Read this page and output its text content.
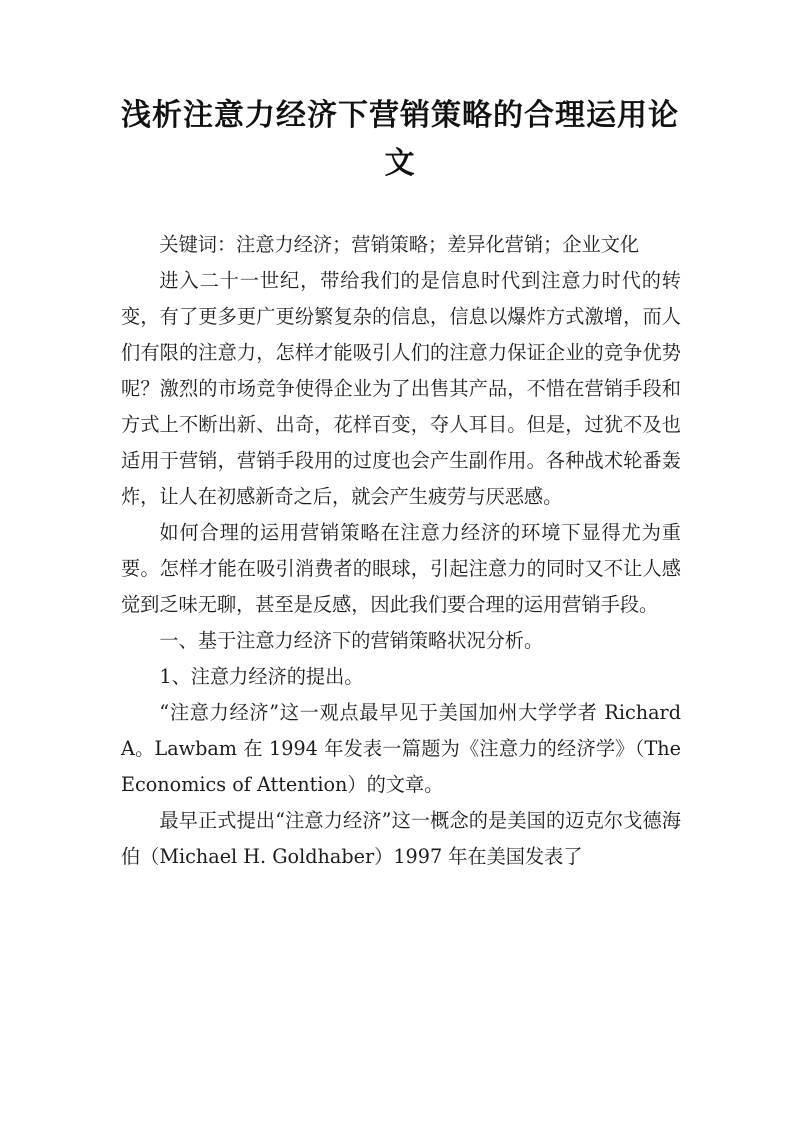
浅析注意力经济下营销策略的合理运用论文

关键词：注意力经济；营销策略；差异化营销；企业文化

进入二十一世纪，带给我们的是信息时代到注意力时代的转变，有了更多更广更纷繁复杂的信息，信息以爆炸方式激增，而人们有限的注意力，怎样才能吸引人们的注意力保证企业的竞争优势呢？激烈的市场竞争使得企业为了出售其产品，不惜在营销手段和方式上不断出新、出奇，花样百变，夺人耳目。但是，过犹不及也适用于营销，营销手段用的过度也会产生副作用。各种战术轮番轰炸，让人在初感新奇之后，就会产生疲劳与厌恶感。

如何合理的运用营销策略在注意力经济的环境下显得尤为重要。怎样才能在吸引消费者的眼球，引起注意力的同时又不让人感觉到乏味无聊，甚至是反感，因此我们要合理的运用营销手段。

一、基于注意力经济下的营销策略状况分析。

1、注意力经济的提出。

“注意力经济”这一观点最早见于美国加州大学学者 Richard A。Lawbam 在 1994 年发表一篇题为《注意力的经济学》（The Economics of Attention）的文章。

最早正式提出“注意力经济”这一概念的是美国的迈克尔戈德海伯（Michael H. Goldhaber）1997 年在美国发表了
